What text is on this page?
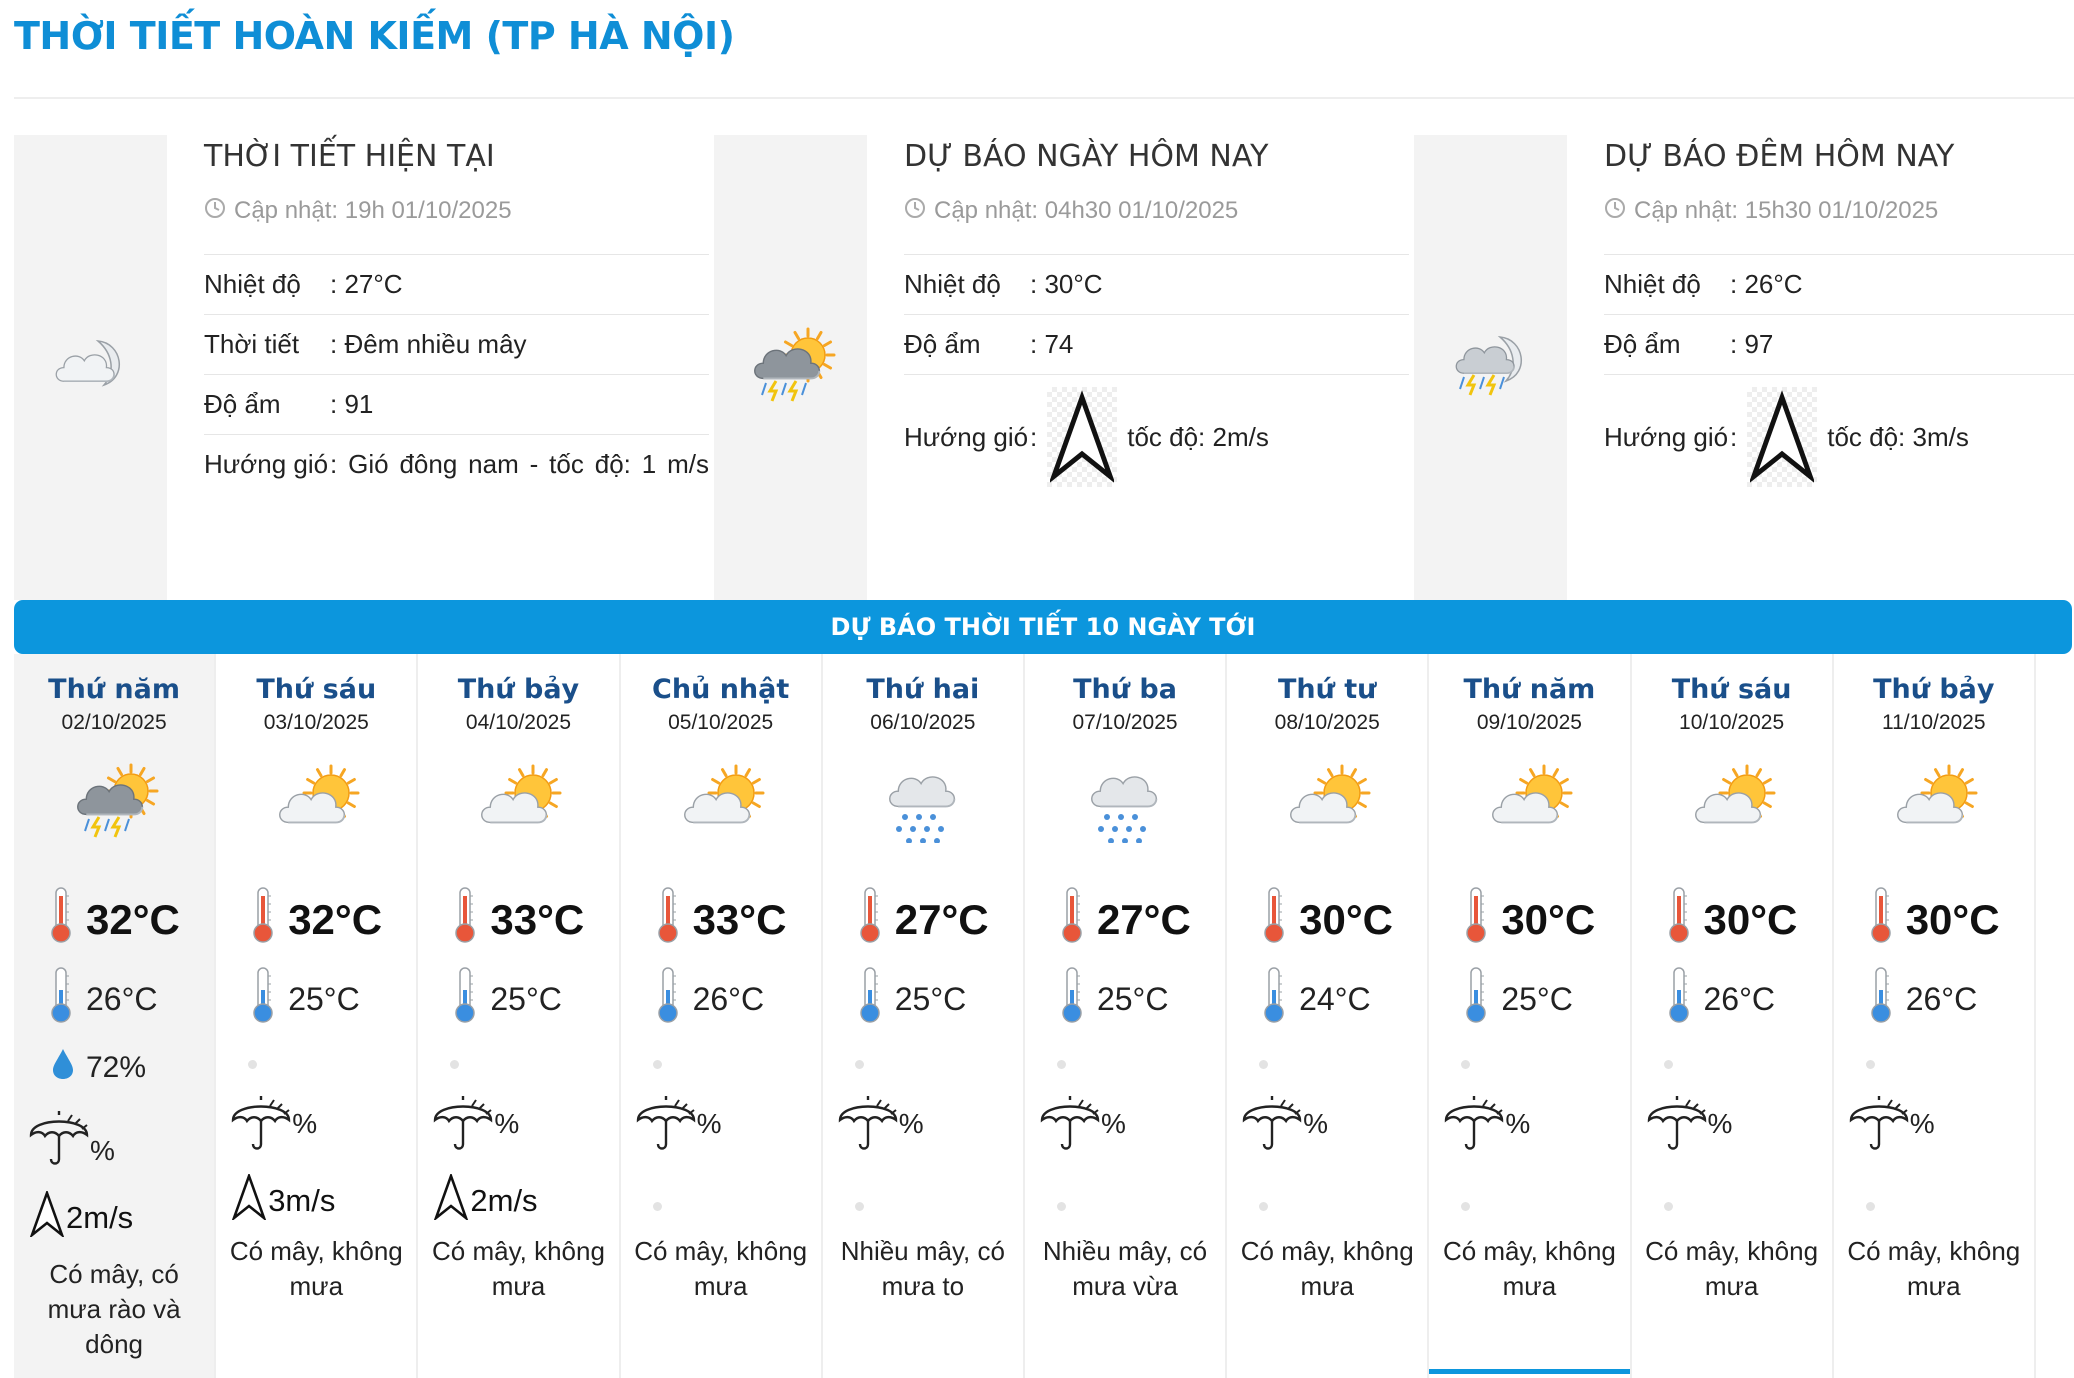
THỜI TIẾT HOÀN KIẾM (TP HÀ NỘI)
THỜI TIẾT HIỆN TẠI
Cập nhật: 19h 01/10/2025
Nhiệt độ	: 27°C
Thời tiết	: Đêm nhiều mây
Độ ẩm	: 91
Hướng gió : Gió đông nam - tốc độ: 1 m/s
DỰ BÁO NGÀY HÔM NAY
Cập nhật: 04h30 01/10/2025
Nhiệt độ	: 30°C
Độ ẩm	: 74
Hướng gió :	tốc độ: 2m/s
DỰ BÁO ĐÊM HÔM NAY
Cập nhật: 15h30 01/10/2025
Nhiệt độ	: 26°C
Độ ẩm	: 97
Hướng gió :	tốc độ: 3m/s
DỰ BÁO THỜI TIẾT 10 NGÀY TỚI
Thứ năm
02/10/2025
32°C
26°C
72%
%
2m/s
Có mây, có mưa rào và dông
Thứ sáu
03/10/2025
32°C
25°C
%
3m/s
Có mây, không mưa
Thứ bảy
04/10/2025
33°C
25°C
%
2m/s
Có mây, không mưa
Chủ nhật
05/10/2025
33°C
26°C
%
Có mây, không mưa
Thứ hai
06/10/2025
27°C
25°C
%
Nhiều mây, có mưa to
Thứ ba
07/10/2025
27°C
25°C
%
Nhiều mây, có mưa vừa
Thứ tư
08/10/2025
30°C
24°C
%
Có mây, không mưa
Thứ năm
09/10/2025
30°C
25°C
%
Có mây, không mưa
Thứ sáu
10/10/2025
30°C
26°C
%
Có mây, không mưa
Thứ bảy
11/10/2025
30°C
26°C
%
Có mây, không mưa
